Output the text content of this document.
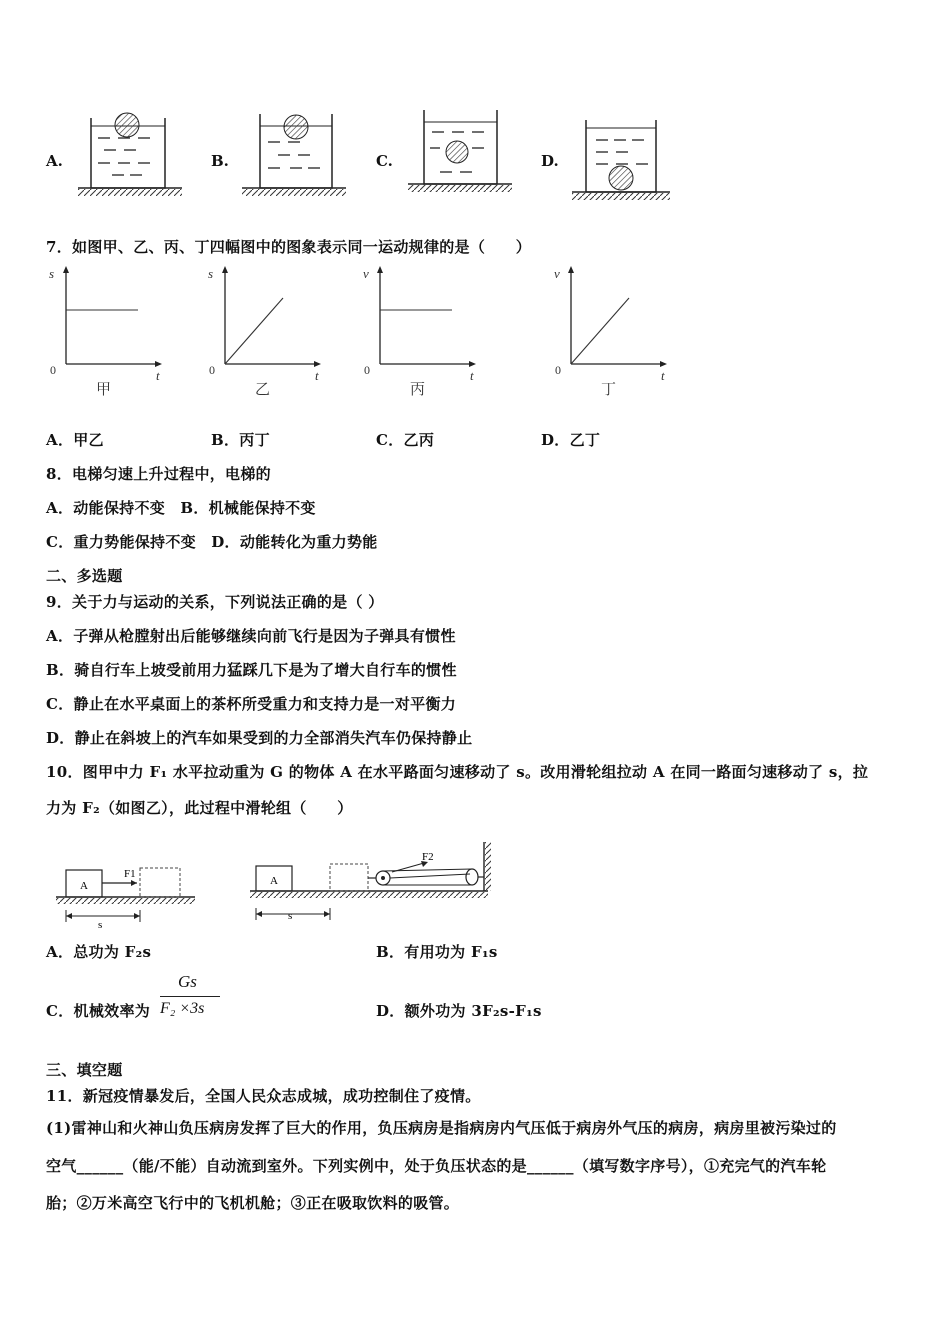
A.	B.	C.	D.
7．如图甲、乙、丙、丁四幅图中的图象表示同一运动规律的是（　　）
s
t
0
甲
s
t
0
乙
v
t
0
丙
v
t
0
丁
A．甲乙	B．丙丁	C．乙丙	D．乙丁
8．电梯匀速上升过程中，电梯的
A．动能保持不变　B．机械能保持不变
C．重力势能保持不变　D．动能转化为重力势能
二、多选题
9．关于力与运动的关系，下列说法正确的是（ ）
A．子弹从枪膛射出后能够继续向前飞行是因为子弹具有惯性
B．骑自行车上坡受前用力猛踩几下是为了增大自行车的惯性
C．静止在水平桌面上的茶杯所受重力和支持力是一对平衡力
D．静止在斜坡上的汽车如果受到的力全部消失汽车仍保持静止
10．图甲中力 F₁ 水平拉动重为 G 的物体 A 在水平路面匀速移动了 s。改用滑轮组拉动 A 在同一路面匀速移动了 s，拉
力为 F₂（如图乙），此过程中滑轮组（　　）
A
F1
s
A
F2
s
A．总功为 F₂s	B．有用功为 F₁s
C．机械效率为
Gs
F₂ ×3s	D．额外功为 3F₂s-F₁s
三、填空题
11．新冠疫情暴发后，全国人民众志成城，成功控制住了疫情。
(1)雷神山和火神山负压病房发挥了巨大的作用，负压病房是指病房内气压低于病房外气压的病房，病房里被污染过的
空气______（能/不能）自动流到室外。下列实例中，处于负压状态的是______（填写数字序号），①充完气的汽车轮
胎；②万米高空飞行中的飞机机舱；③正在吸取饮料的吸管。
